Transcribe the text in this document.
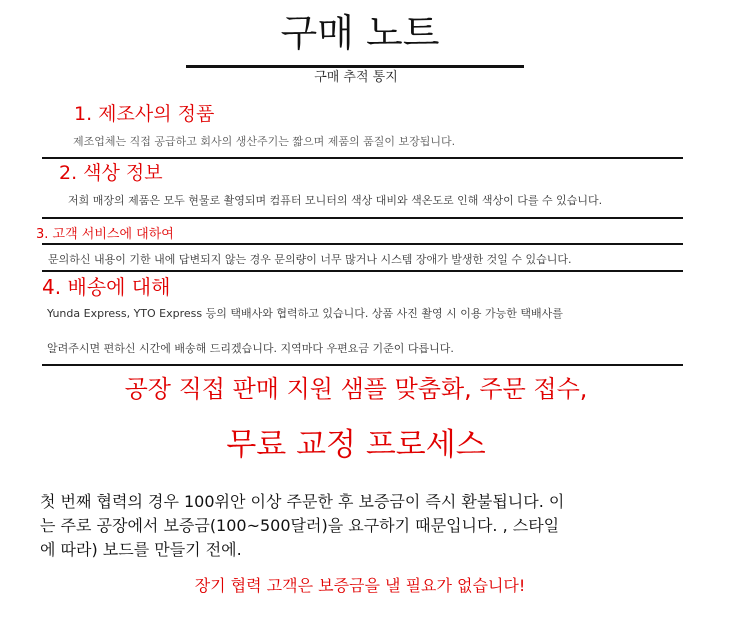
구매 노트
구매 추적 통지
1. 제조사의 정품
제조업체는 직접 공급하고 회사의 생산주기는 짧으며 제품의 품질이 보장됩니다.
2. 색상 정보
저희 매장의 제품은 모두 현물로 촬영되며 컴퓨터 모니터의 색상 대비와 색온도로 인해 색상이 다를 수 있습니다.
3. 고객 서비스에 대하여
문의하신 내용이 기한 내에 답변되지 않는 경우 문의량이 너무 많거나 시스템 장애가 발생한 것일 수 있습니다.
4. 배송에 대해
Yunda Express, YTO Express 등의 택배사와 협력하고 있습니다. 상품 사진 촬영 시 이용 가능한 택배사를
알려주시면 편하신 시간에 배송해 드리겠습니다. 지역마다 우편요금 기준이 다릅니다.
공장 직접 판매 지원 샘플 맞춤화, 주문 접수,
무료 교정 프로세스
첫 번째 협력의 경우 100위안 이상 주문한 후 보증금이 즉시 환불됩니다. 이
는 주로 공장에서 보증금(100~500달러)을 요구하기 때문입니다. , 스타일
에 따라) 보드를 만들기 전에.
장기 협력 고객은 보증금을 낼 필요가 없습니다!
